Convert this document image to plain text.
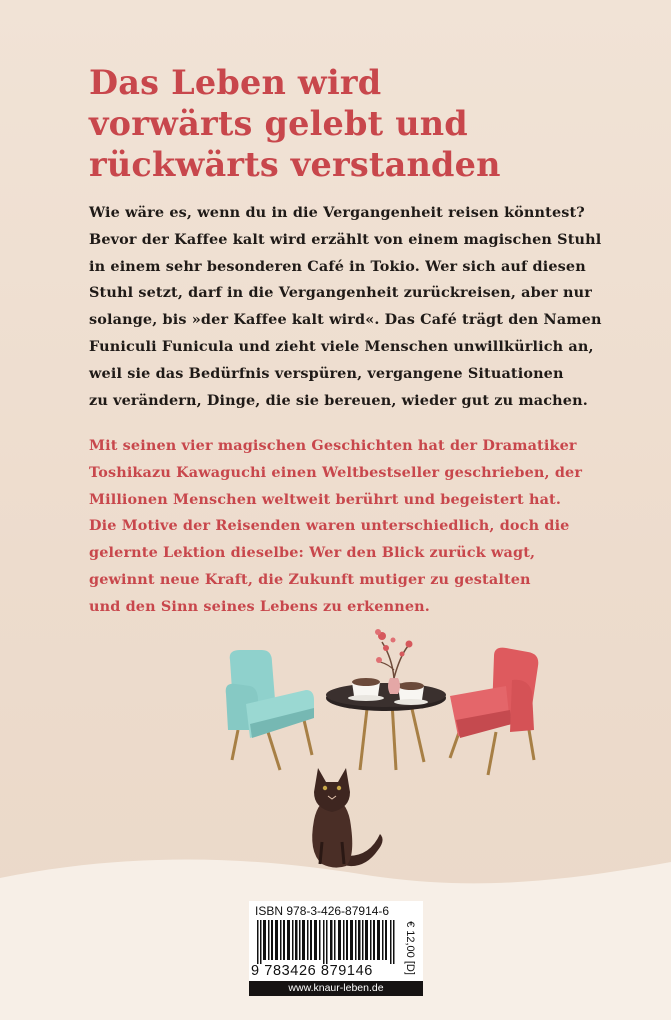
Das Leben wird
vorwärts gelebt und
rückwärts verstanden

Wie wäre es, wenn du in die Vergangenheit reisen könntest?
Bevor der Kaffee kalt wird erzählt von einem magischen Stuhl
in einem sehr besonderen Café in Tokio. Wer sich auf diesen
Stuhl setzt, darf in die Vergangenheit zurückreisen, aber nur
solange, bis »der Kaffee kalt wird«. Das Café trägt den Namen
Funiculi Funicula und zieht viele Menschen unwillkürlich an,
weil sie das Bedürfnis verspüren, vergangene Situationen
zu verändern, Dinge, die sie bereuen, wieder gut zu machen.

Mit seinen vier magischen Geschichten hat der Dramatiker
Toshikazu Kawaguchi einen Weltbestseller geschrieben, der
Millionen Menschen weltweit berührt und begeistert hat.
Die Motive der Reisenden waren unterschiedlich, doch die
gelernte Lektion dieselbe: Wer den Blick zurück wagt,
gewinnt neue Kraft, die Zukunft mutiger zu gestalten
und den Sinn seines Lebens zu erkennen.

ISBN 978-3-426-87914-6
9 783426 879146	€ 12,00 [D]
www.knaur-leben.de
